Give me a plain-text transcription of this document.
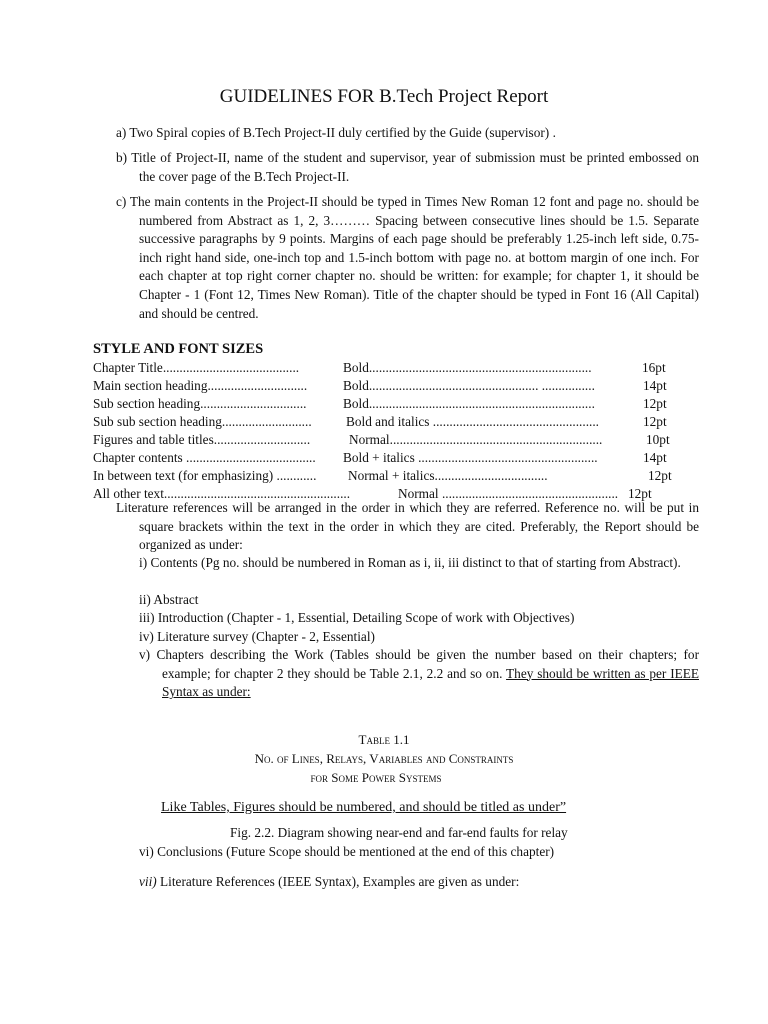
GUIDELINES FOR B.Tech Project Report
a) Two Spiral copies of B.Tech Project-II duly certified by the Guide (supervisor) .
b) Title of Project-II, name of the student and supervisor, year of submission must be printed embossed on the cover page of the B.Tech Project-II.
c) The main contents in the Project-II should be typed in Times New Roman 12 font and page no. should be numbered from Abstract as 1, 2, 3……… Spacing between consecutive lines should be 1.5. Separate successive paragraphs by 9 points. Margins of each page should be preferably 1.25-inch left side, 0.75-inch right hand side, one-inch top and 1.5-inch bottom with page no. at bottom margin of one inch. For each chapter at top right corner chapter no. should be written: for example; for chapter 1, it should be Chapter - 1 (Font 12, Times New Roman). Title of the chapter should be typed in Font 16 (All Capital) and should be centred.
STYLE AND FONT SIZES
Chapter Title.........................................	Bold...................................................................	16pt
Main section heading..............................	Bold................................................... ................	14pt
Sub section heading................................	Bold....................................................................	12pt
Sub sub section heading...........................	Bold and italics ..................................................	12pt
Figures and table titles.............................	Normal................................................................	10pt
Chapter contents .......................................	Bold + italics ......................................................	14pt
In between text (for emphasizing) ............	Normal + italics..................................	12pt
All other text........................................................	Normal ..................................................... 12pt
Literature references will be arranged in the order in which they are referred. Reference no. will be put in square brackets within the text in the order in which they are cited. Preferably, the Report should be organized as under:
i) Contents (Pg no. should be numbered in Roman as i, ii, iii distinct to that of starting from Abstract).
ii) Abstract
iii) Introduction (Chapter - 1, Essential, Detailing Scope of work with Objectives)
iv) Literature survey (Chapter - 2, Essential)
v) Chapters describing the Work (Tables should be given the number based on their chapters; for example; for chapter 2 they should be Table 2.1, 2.2 and so on. They should be written as per IEEE Syntax as under:
Table 1.1
No. of Lines, Relays, Variables and Constraints
for Some Power Systems
Like Tables, Figures should be numbered, and should be titled as under”
Fig. 2.2. Diagram showing near-end and far-end faults for relay
vi) Conclusions (Future Scope should be mentioned at the end of this chapter)
vii) Literature References (IEEE Syntax), Examples are given as under:
